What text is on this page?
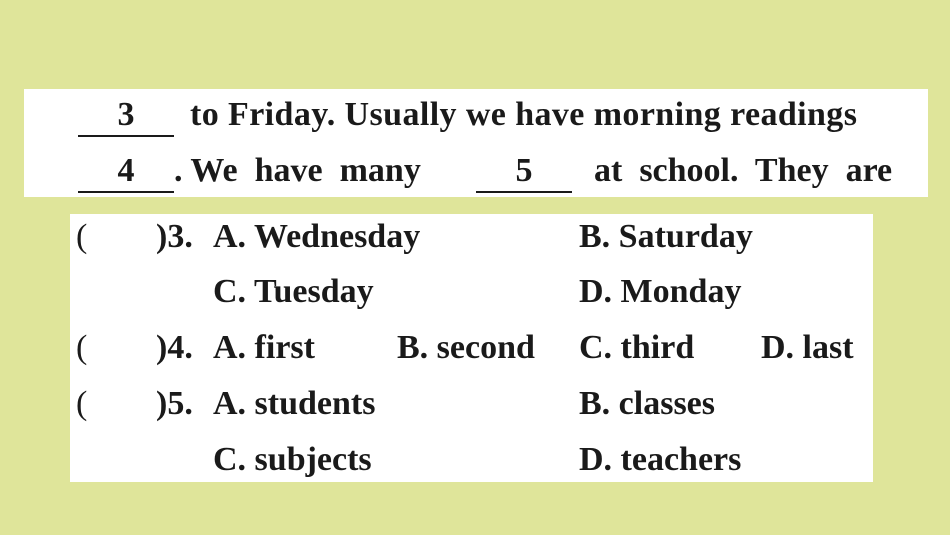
3	to Friday. Usually we have morning readings
4	. We  have  many	5	at  school.  They  are
( )3. A. Wednesday	B. Saturday
C. Tuesday	D. Monday
( )4. A. first B. second C. third D. last
( )5. A. students	B. classes
C. subjects	D. teachers
